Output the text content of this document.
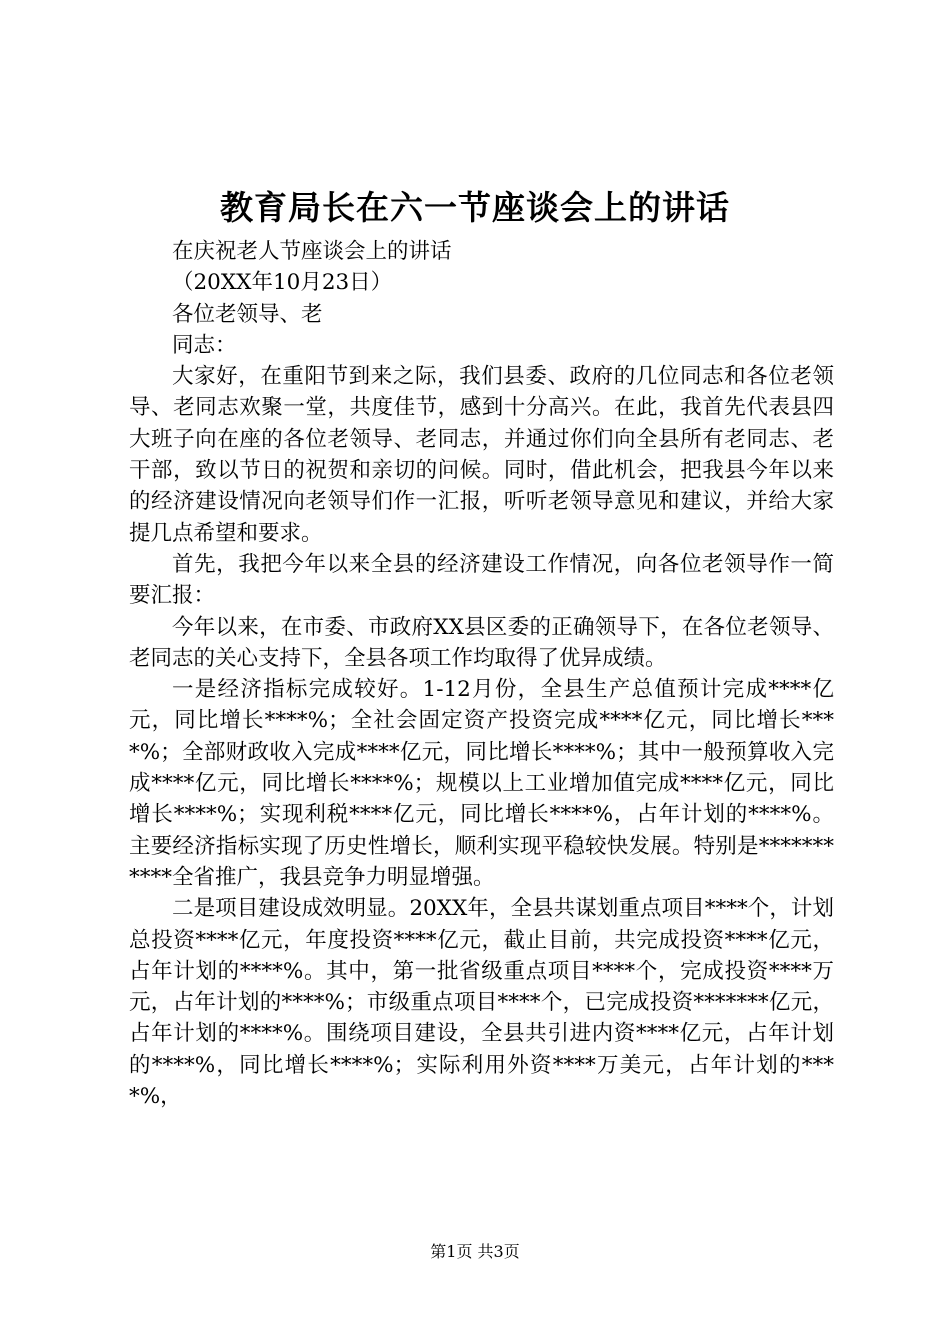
教育局长在六一节座谈会上的讲话

在庆祝老人节座谈会上的讲话

（20XX年10月23日）

各位老领导、老

同志：

大家好，在重阳节到来之际，我们县委、政府的几位同志和各位老领导、老同志欢聚一堂，共度佳节，感到十分高兴。在此，我首先代表县四大班子向在座的各位老领导、老同志，并通过你们向全县所有老同志、老干部，致以节日的祝贺和亲切的问候。同时，借此机会，把我县今年以来的经济建设情况向老领导们作一汇报，听听老领导意见和建议，并给大家提几点希望和要求。

首先，我把今年以来全县的经济建设工作情况，向各位老领导作一简要汇报：

今年以来，在市委、市政府XX县区委的正确领导下，在各位老领导、老同志的关心支持下，全县各项工作均取得了优异成绩。

一是经济指标完成较好。1-12月份，全县生产总值预计完成****亿元，同比增长****%；全社会固定资产投资完成****亿元，同比增长****%；全部财政收入完成****亿元，同比增长****%；其中一般预算收入完成****亿元，同比增长****%；规模以上工业增加值完成****亿元，同比增长****%；实现利税****亿元，同比增长****%，占年计划的****%。主要经济指标实现了历史性增长，顺利实现平稳较快发展。特别是***********全省推广，我县竞争力明显增强。

二是项目建设成效明显。20XX年，全县共谋划重点项目****个，计划总投资****亿元，年度投资****亿元，截止目前，共完成投资****亿元，占年计划的****%。其中，第一批省级重点项目****个，完成投资****万元，占年计划的****%；市级重点项目****个，已完成投资*******亿元，占年计划的****%。围绕项目建设，全县共引进内资****亿元，占年计划的****%，同比增长****%；实际利用外资****万美元，占年计划的****%，

第1页 共3页
